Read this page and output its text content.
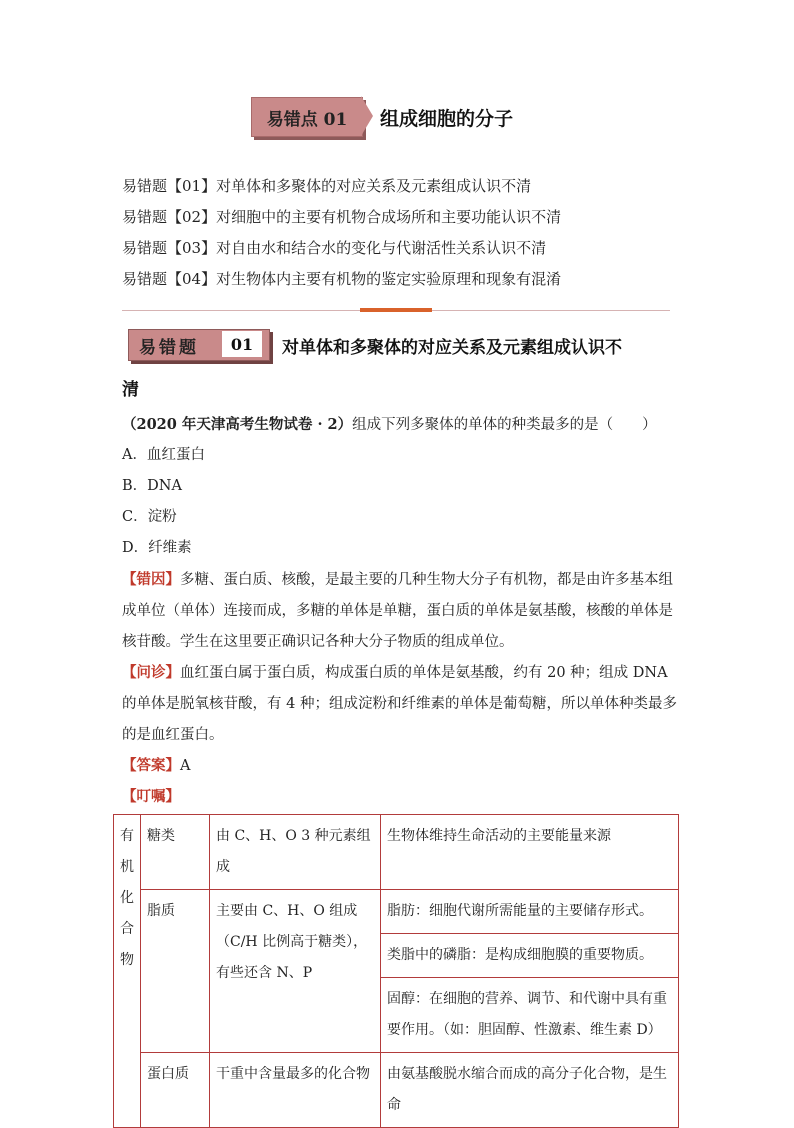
易错点 01 组成细胞的分子
易错题【01】对单体和多聚体的对应关系及元素组成认识不清
易错题【02】对细胞中的主要有机物合成场所和主要功能认识不清
易错题【03】对自由水和结合水的变化与代谢活性关系认识不清
易错题【04】对生物体内主要有机物的鉴定实验原理和现象有混淆
易错题	01	对单体和多聚体的对应关系及元素组成认识不
清
（2020 年天津高考生物试卷 · 2）组成下列多聚体的单体的种类最多的是（　　）
A．血红蛋白
B．DNA
C．淀粉
D．纤维素
【错因】多糖、蛋白质、核酸，是最主要的几种生物大分子有机物，都是由许多基本组成单位（单体）连接而成，多糖的单体是单糖，蛋白质的单体是氨基酸，核酸的单体是核苷酸。学生在这里要正确识记各种大分子物质的组成单位。
【问诊】血红蛋白属于蛋白质，构成蛋白质的单体是氨基酸，约有 20 种；组成 DNA 的单体是脱氧核苷酸，有 4 种；组成淀粉和纤维素的单体是葡萄糖，所以单体种类最多的是血红蛋白。
【答案】A
【叮嘱】
有
机
化
合
物	糖类	由 C、H、O 3 种元素组成	生物体维持生命活动的主要能量来源
	脂质	主要由 C、H、O 组成（C/H 比例高于糖类），有些还含 N、P	脂肪：细胞代谢所需能量的主要储存形式。
			类脂中的磷脂：是构成细胞膜的重要物质。
			固醇：在细胞的营养、调节、和代谢中具有重要作用。（如：胆固醇、性激素、维生素 D）
	蛋白质	干重中含量最多的化合物	由氨基酸脱水缩合而成的高分子化合物，是生命
